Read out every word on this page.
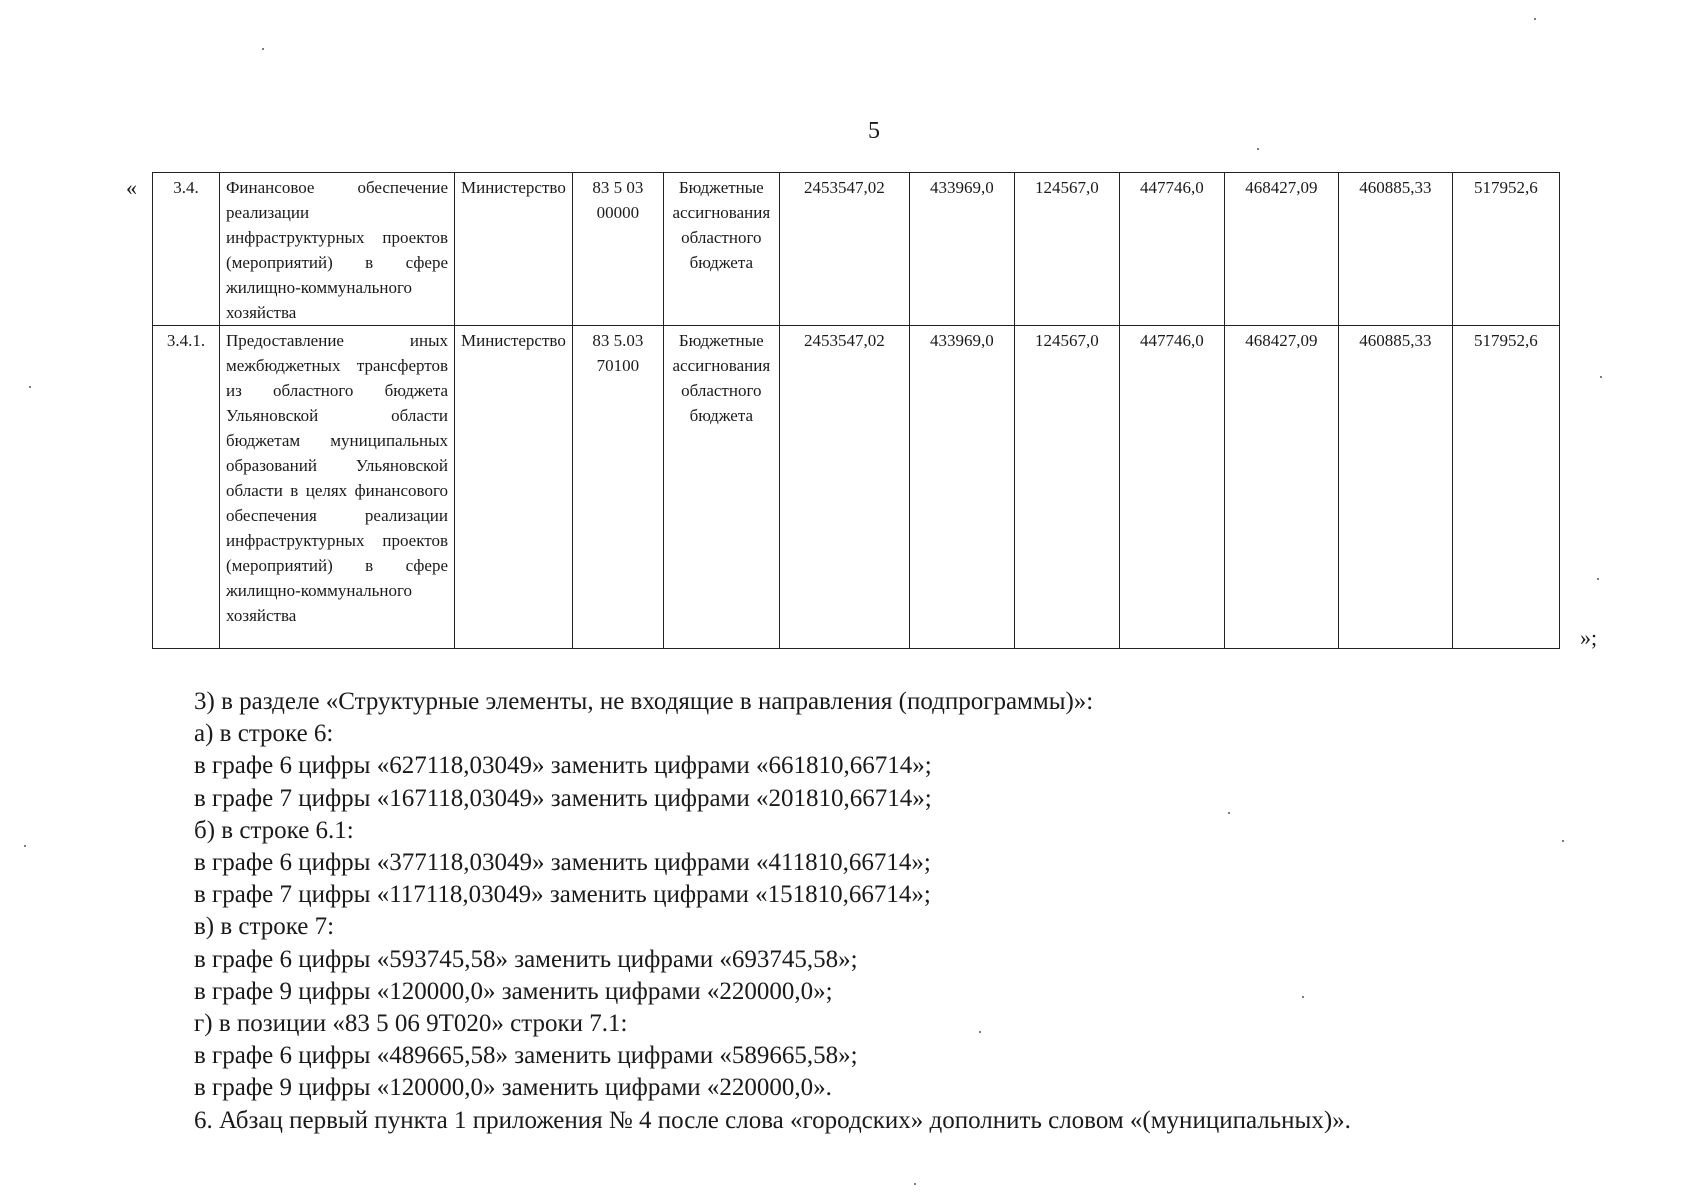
5
« 3.4.	Финансовое обеспечение реализации инфраструктурных проектов (мероприятий) в сфере жилищно-коммунального хозяйства	Министерство	83 5 03 00000	Бюджетные ассигнования областного бюджета	2453547,02	433969,0	124567,0	447746,0	468427,09	460885,33	517952,6
3.4.1.	Предоставление иных межбюджетных трансфертов из областного бюджета Ульяновской области бюджетам муниципальных образований Ульяновской области в целях финансового обеспечения реализации инфраструктурных проектов (мероприятий) в сфере жилищно-коммунального хозяйства	Министерство	83 5.03 70100	Бюджетные ассигнования областного бюджета	2453547,02	433969,0	124567,0	447746,0	468427,09	460885,33	517952,6
»;

3) в разделе «Структурные элементы, не входящие в направления (подпрограммы)»:

а) в строке 6:

в графе 6 цифры «627118,03049» заменить цифрами «661810,66714»;

в графе 7 цифры «167118,03049» заменить цифрами «201810,66714»;

б) в строке 6.1:

в графе 6 цифры «377118,03049» заменить цифрами «411810,66714»;

в графе 7 цифры «117118,03049» заменить цифрами «151810,66714»;

в) в строке 7:

в графе 6 цифры «593745,58» заменить цифрами «693745,58»;

в графе 9 цифры «120000,0» заменить цифрами «220000,0»;

г) в позиции «83 5 06 9Т020» строки 7.1:

в графе 6 цифры «489665,58» заменить цифрами «589665,58»;

в графе 9 цифры «120000,0» заменить цифрами «220000,0».

6. Абзац первый пункта 1 приложения № 4 после слова «городских» дополнить словом «(муниципальных)».
